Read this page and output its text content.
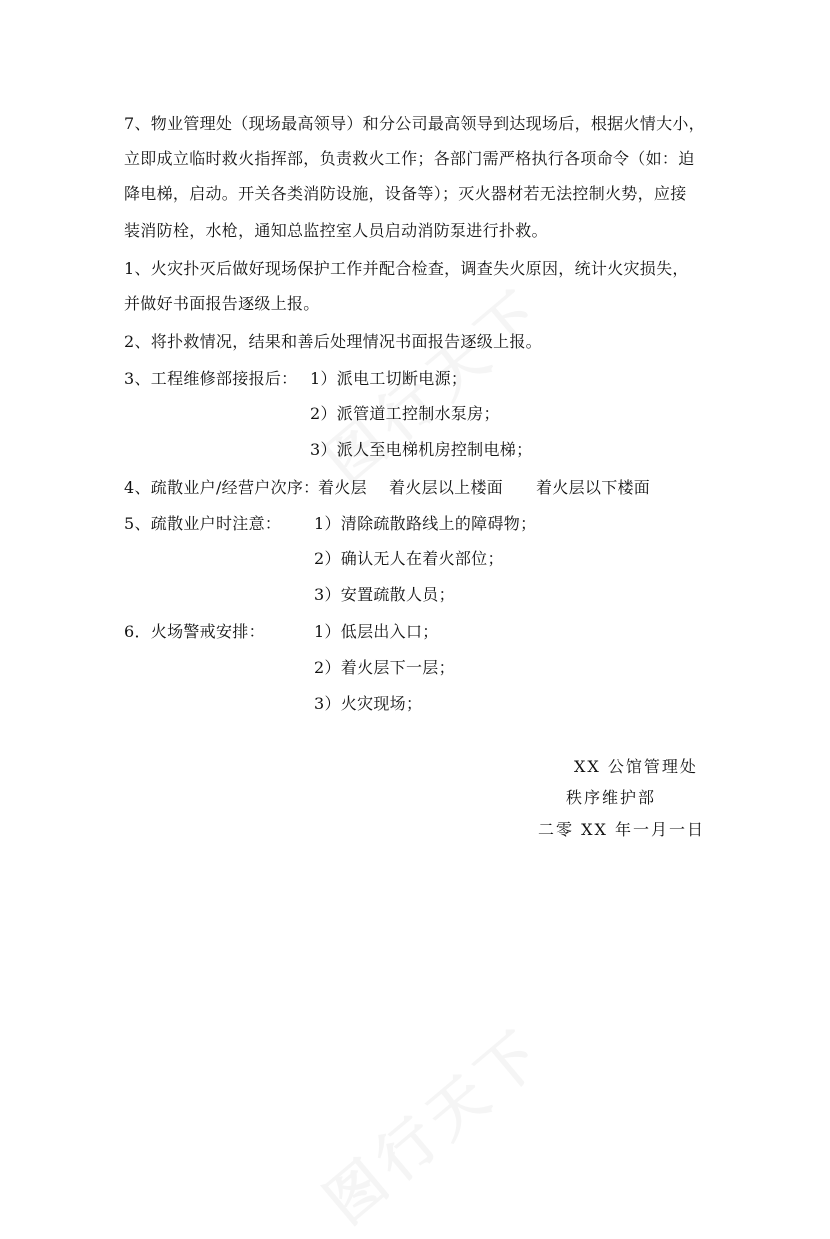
7、物业管理处（现场最高领导）和分公司最高领导到达现场后，根据火情大小，
立即成立临时救火指挥部，负责救火工作；各部门需严格执行各项命令（如：迫
降电梯，启动。开关各类消防设施，设备等）；灭火器材若无法控制火势，应接
装消防栓，水枪，通知总监控室人员启动消防泵进行扑救。
1、火灾扑灭后做好现场保护工作并配合检查，调查失火原因，统计火灾损失，
并做好书面报告逐级上报。
2、将扑救情况，结果和善后处理情况书面报告逐级上报。
3、工程维修部接报后： 1）派电工切断电源；
2）派管道工控制水泵房；
3）派人至电梯机房控制电梯；
4、疏散业户/经营户次序：
着火层 着火层以上楼面 着火层以下楼面
5、疏散业户时注意： 1）清除疏散路线上的障碍物；
2）确认无人在着火部位；
3）安置疏散人员；
6．火场警戒安排：	1）低层出入口；
2）着火层下一层；
3）火灾现场；
XX 公馆管理处
秩序维护部
二零 XX 年一月一日
